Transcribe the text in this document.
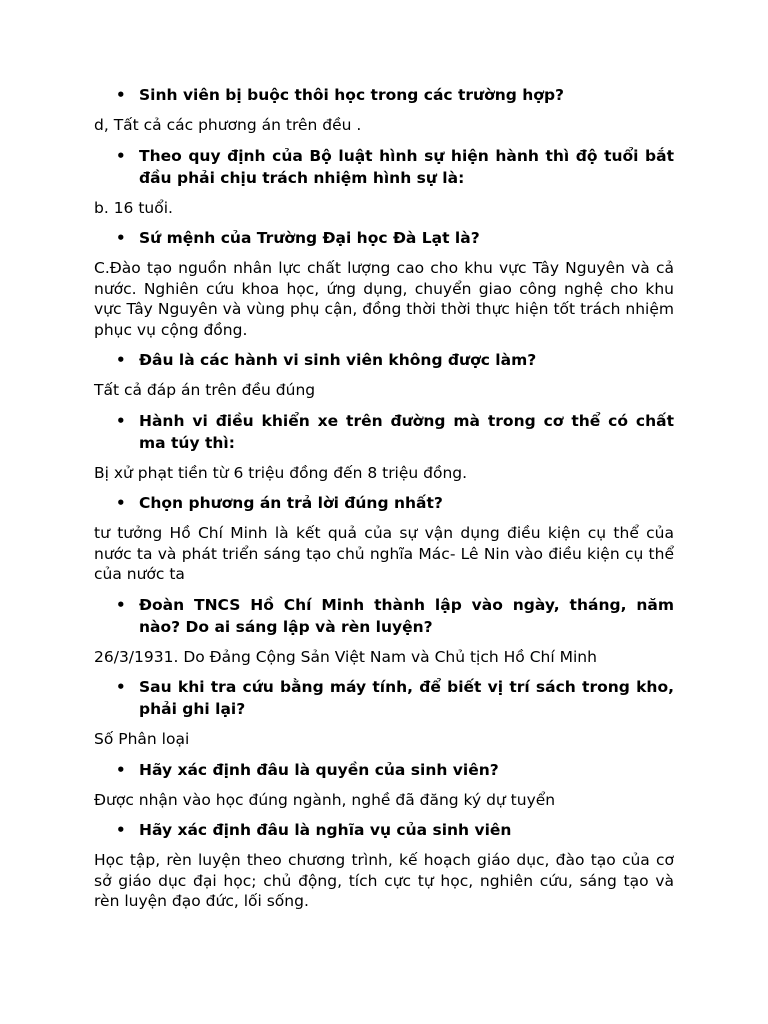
• Sinh viên bị buộc thôi học trong các trường hợp?
d, Tất cả các phương án trên đều .
• Theo quy định của Bộ luật hình sự hiện hành thì độ tuổi bắt đầu phải chịu trách nhiệm hình sự là:
b. 16 tuổi.
• Sứ mệnh của Trường Đại học Đà Lạt là?
C.Đào tạo nguồn nhân lực chất lượng cao cho khu vực Tây Nguyên và cả nước. Nghiên cứu khoa học, ứng dụng, chuyển giao công nghệ cho khu vực Tây Nguyên và vùng phụ cận, đồng thời thời thực hiện tốt trách nhiệm phục vụ cộng đồng.
• Đâu là các hành vi sinh viên không được làm?
Tất cả đáp án trên đều đúng
• Hành vi điều khiển xe trên đường mà trong cơ thể có chất ma túy thì:
Bị xử phạt tiền từ 6 triệu đồng đến 8 triệu đồng.
• Chọn phương án trả lời đúng nhất?
tư tưởng Hồ Chí Minh là kết quả của sự vận dụng điều kiện cụ thể của nước ta và phát triển sáng tạo chủ nghĩa Mác- Lê Nin vào điều kiện cụ thể của nước ta
• Đoàn TNCS Hồ Chí Minh thành lập vào ngày, tháng, năm nào? Do ai sáng lập và rèn luyện?
26/3/1931. Do Đảng Cộng Sản Việt Nam và Chủ tịch Hồ Chí Minh
• Sau khi tra cứu bằng máy tính, để biết vị trí sách trong kho, phải ghi lại?
Số Phân loại
• Hãy xác định đâu là quyền của sinh viên?
Được nhận vào học đúng ngành, nghề đã đăng ký dự tuyển
• Hãy xác định đâu là nghĩa vụ của sinh viên
Học tập, rèn luyện theo chương trình, kế hoạch giáo dục, đào tạo của cơ sở giáo dục đại học; chủ động, tích cực tự học, nghiên cứu, sáng tạo và rèn luyện đạo đức, lối sống.
